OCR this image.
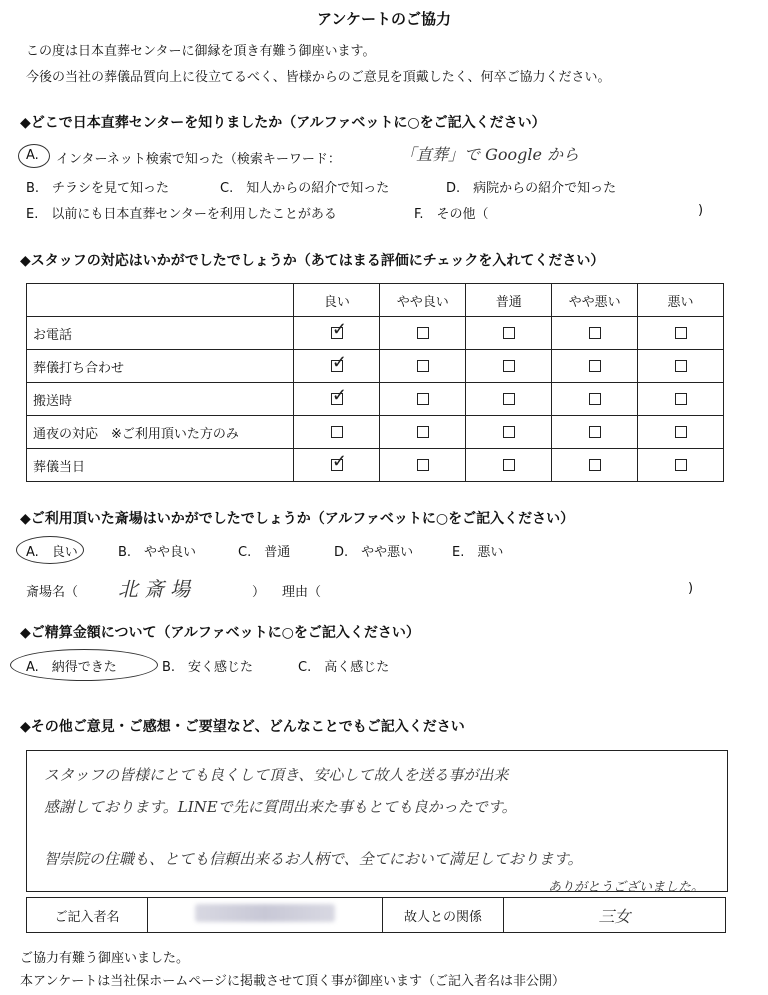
アンケートのご協力
この度は日本直葬センターに御縁を頂き有難う御座います。
今後の当社の葬儀品質向上に役立てるべく、皆様からのご意見を頂戴したく、何卒ご協力ください。
◆どこで日本直葬センターを知りましたか（アルファベットに○をご記入ください）
A. インターネット検索で知った（検索キーワード：	「直葬」で Google から
B.　チラシを見て知った	C.　知人からの紹介で知った	D.　病院からの紹介で知った
E.　以前にも日本直葬センターを利用したことがある	F.　その他（	)
◆スタッフの対応はいかがでしたでしょうか（あてはまる評価にチェックを入れてください）
	良い	やや良い	普通	やや悪い	悪い
お電話	✓				

葬儀打ち合わせ	✓				

搬送時	✓				

通夜の対応　※ご利用頂いた方のみ					
葬儀当日	✓				

◆ご利用頂いた斎場はいかがでしたでしょうか（アルファベットに○をご記入ください）
A.　良い	B.　やや良い	C.　普通	D.　やや悪い	E.　悪い
斎場名（ 北斎場	） 理由（	)
◆ご精算金額について（アルファベットに○をご記入ください）
A.　納得できた	B.　安く感じた	C.　高く感じた
◆その他ご意見・ご感想・ご要望など、どんなことでもご記入ください
スタッフの皆様にとても良くして頂き、安心して故人を送る事が出来
感謝しております。LINEで先に質問出来た事もとても良かったです。
智崇院の住職も、とても信頼出来るお人柄で、全てにおいて満足しております。
ありがとうございました。
ご記入者名		故人との関係	三女
ご協力有難う御座いました。
本アンケートは当社保ホームページに掲載させて頂く事が御座います（ご記入者名は非公開）
